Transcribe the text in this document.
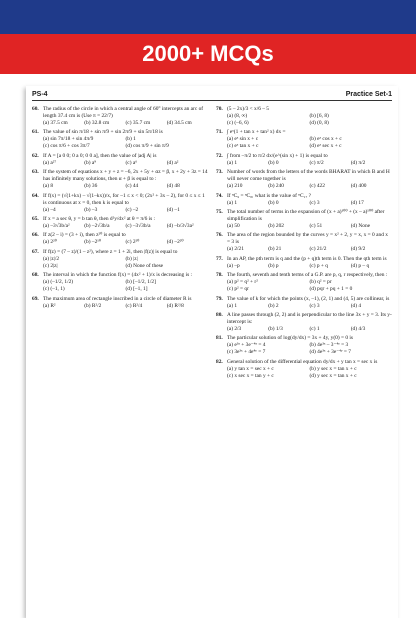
2000+ MCQs
PS-4	Practice Set-1
60. The radius of the circle in which a central angle of 60° intercepts an arc of length 37.4 cm is (Use π = 22/7)
(a) 37.5 cm	(b) 32.8 cm	(c) 35.7 cm	(d) 34.5 cm
61. The value of sin π/18 + sin π/9 + sin 2π/9 + sin 5π/18 is
(a) sin 7π/18 + sin 4π/9	(b) 1
(c) cos π/6 + cos 3π/7	(d) cos π/9 + sin π/9
62. If A = [a 0 0; 0 a 0; 0 0 a], then the value of |adj A| is
(a) a²⁷	(b) a⁹	(c) a⁶	(d) a²
63. If the system of equations x + y + z = –6, 2x + 5y + αz = β, x + 2y + 3z = 14 has infinitely many solutions, then α + β is equal to :
(a) 8	(b) 36	(c) 44	(d) 48
64. If f(x) = (√(1+kx) – √(1–kx))/x, for –1 ≤ x < 0; (2x² + 3x – 2), for 0 ≤ x ≤ 1 is continuous at x = 0, then k is equal to
(a) –4	(b) –3	(c) –2	(d) –1
65. If x = a sec θ, y = b tan θ, then d²y/dx² at θ = π/6 is :
(a) –3√3b/a²	(b) –2√3b/a	(c) –3√3b/a	(d) –b/3√3a²
66. If z(2 – i) = (3 + i), then z²⁰ is equal to
(a) 2²⁰	(b) –2¹⁰	(c) 2²⁰	(d) –2²⁰
67. If f(z) = (7 – z)/(1 – z²), where z = 1 + 2i, then |f(z)| is equal to
(a) |z|/2	(b) |z|
(c) 2|z|	(d) None of these
68. The interval in which the function f(x) = (4x² + 1)/x is decreasing is :
(a) (–1/2, 1/2)	(b) [–1/2, 1/2]
(c) (–1, 1)	(d) [–1, 1]
69. The maximum area of rectangle inscribed in a circle of diameter R is
(a) R²	(b) R²/2	(c) R²/4	(d) R²/8
70. (5 – 2x)/3 < x/6 – 5
(a) (8, ∞)	(b) [6, 8)
(c) (–6, 6)	(d) (0, 8)
71. ∫ eˣ(1 + tan x + tan² x) dx =
(a) eˣ sin x + c	(b) eˣ cos x + c
(c) eˣ tan x + c	(d) eˣ sec x + c
72. ∫ from –π/2 to π/2 dx/(e^(sin x) + 1) is equal to
(a) 1	(b) 0	(c) π/2	(d) π/2
73. Number of words from the letters of the words BHARAT in which B and H will never come together is
(a) 210	(b) 240	(c) 422	(d) 400
74. If ⁿC₉ = ⁿC₈, what is the value of ⁿC₁₇ ?
(a) 1	(b) 0	(c) 3	(d) 17
75. The total number of terms in the expansion of (x + a)¹⁰⁰ + (x – a)¹⁰⁰ after simplification is
(a) 50	(b) 202	(c) 51	(d) None
76. The area of the region bounded by the curves y = x² + 2, y = x, x = 0 and x = 3 is
(a) 2/21	(b) 21	(c) 21/2	(d) 9/2
77. In an AP, the pth term is q and the (p + q)th term is 0. Then the qth term is
(a) –p	(b) p	(c) p + q	(d) p – q
78. The fourth, seventh and tenth terms of a G.P. are p, q, r respectively, then :
(a) p² = q² + r²	(b) q² = pr
(c) p² = qr	(d) pqr + pq + 1 = 0
79. The value of k for which the points (x, –1), (2, 1) and (4, 5) are collinear, is
(a) 1	(b) 2	(c) 3	(d) 4
80. A line passes through (2, 2) and is perpendicular to the line 3x + y = 3. Its y-intercept is:
(a) 2/3	(b) 1/3	(c) 1	(d) 4/3
81. The particular solution of log(dy/dx) = 3x + 4y, y(0) = 0 is
(a) e³ˣ + 3e⁻⁴ʸ = 4	(b) 4e³ˣ – 3⁻⁴ʸ = 3
(c) 3e³ˣ + 4e⁴ʸ = 7	(d) 4e³ˣ + 3e⁻⁴ʸ = 7
82. General solution of the differential equation dy/dx + y tan x = sec x is
(a) y tan x = sec x + c	(b) y sec x = tan x + c
(c) x sec x = tan y + c	(d) y sec x = tan x + c
